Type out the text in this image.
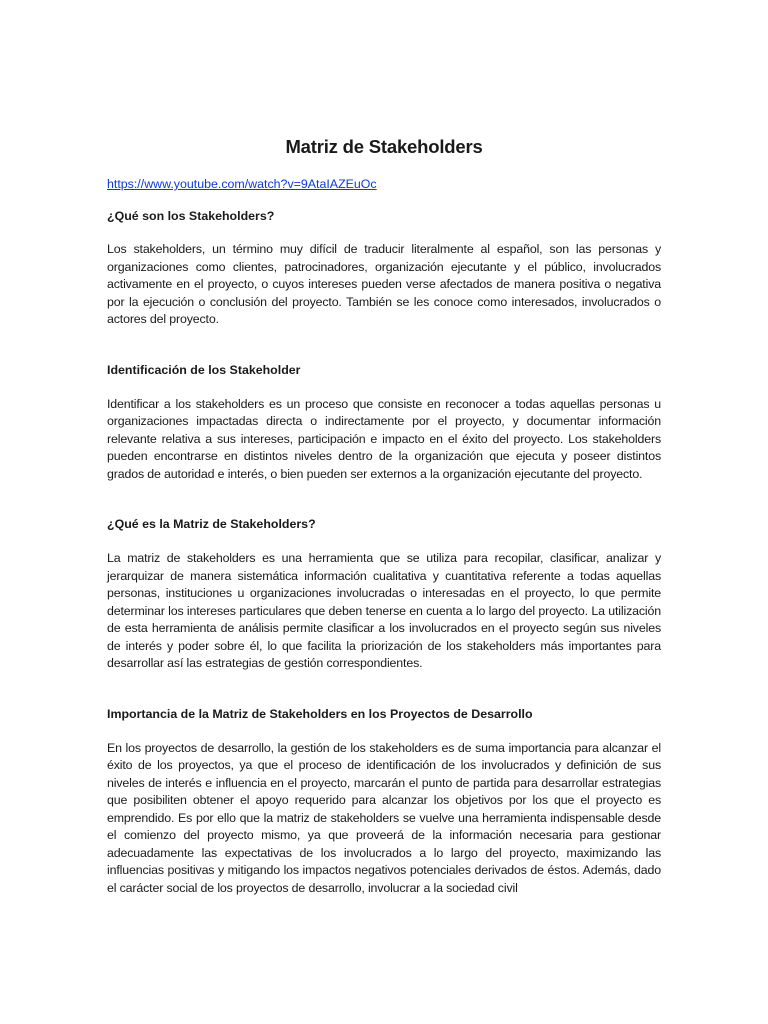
Matriz de Stakeholders
https://www.youtube.com/watch?v=9AtaIAZEuOc
¿Qué son los Stakeholders?

Los stakeholders, un término muy difícil de traducir literalmente al español, son las personas y organizaciones como clientes, patrocinadores, organización ejecutante y el público, involucrados activamente en el proyecto, o cuyos intereses pueden verse afectados de manera positiva o negativa por la ejecución o conclusión del proyecto. También se les conoce como interesados, involucrados o actores del proyecto.

Identificación de los Stakeholder

Identificar a los stakeholders es un proceso que consiste en reconocer a todas aquellas personas u organizaciones impactadas directa o indirectamente por el proyecto, y documentar información relevante relativa a sus intereses, participación e impacto en el éxito del proyecto. Los stakeholders pueden encontrarse en distintos niveles dentro de la organización que ejecuta y poseer distintos grados de autoridad e interés, o bien pueden ser externos a la organización ejecutante del proyecto.

¿Qué es la Matriz de Stakeholders?

La matriz de stakeholders es una herramienta que se utiliza para recopilar, clasificar, analizar y jerarquizar de manera sistemática información cualitativa y cuantitativa referente a todas aquellas personas, instituciones u organizaciones involucradas o interesadas en el proyecto, lo que permite determinar los intereses particulares que deben tenerse en cuenta a lo largo del proyecto. La utilización de esta herramienta de análisis permite clasificar a los involucrados en el proyecto según sus niveles de interés y poder sobre él, lo que facilita la priorización de los stakeholders más importantes para desarrollar así las estrategias de gestión correspondientes.

Importancia de la Matriz de Stakeholders en los Proyectos de Desarrollo

En los proyectos de desarrollo, la gestión de los stakeholders es de suma importancia para alcanzar el éxito de los proyectos, ya que el proceso de identificación de los involucrados y definición de sus niveles de interés e influencia en el proyecto, marcarán el punto de partida para desarrollar estrategias que posibiliten obtener el apoyo requerido para alcanzar los objetivos por los que el proyecto es emprendido. Es por ello que la matriz de stakeholders se vuelve una herramienta indispensable desde el comienzo del proyecto mismo, ya que proveerá de la información necesaria para gestionar adecuadamente las expectativas de los involucrados a lo largo del proyecto, maximizando las influencias positivas y mitigando los impactos negativos potenciales derivados de éstos. Además, dado el carácter social de los proyectos de desarrollo, involucrar a la sociedad civil
